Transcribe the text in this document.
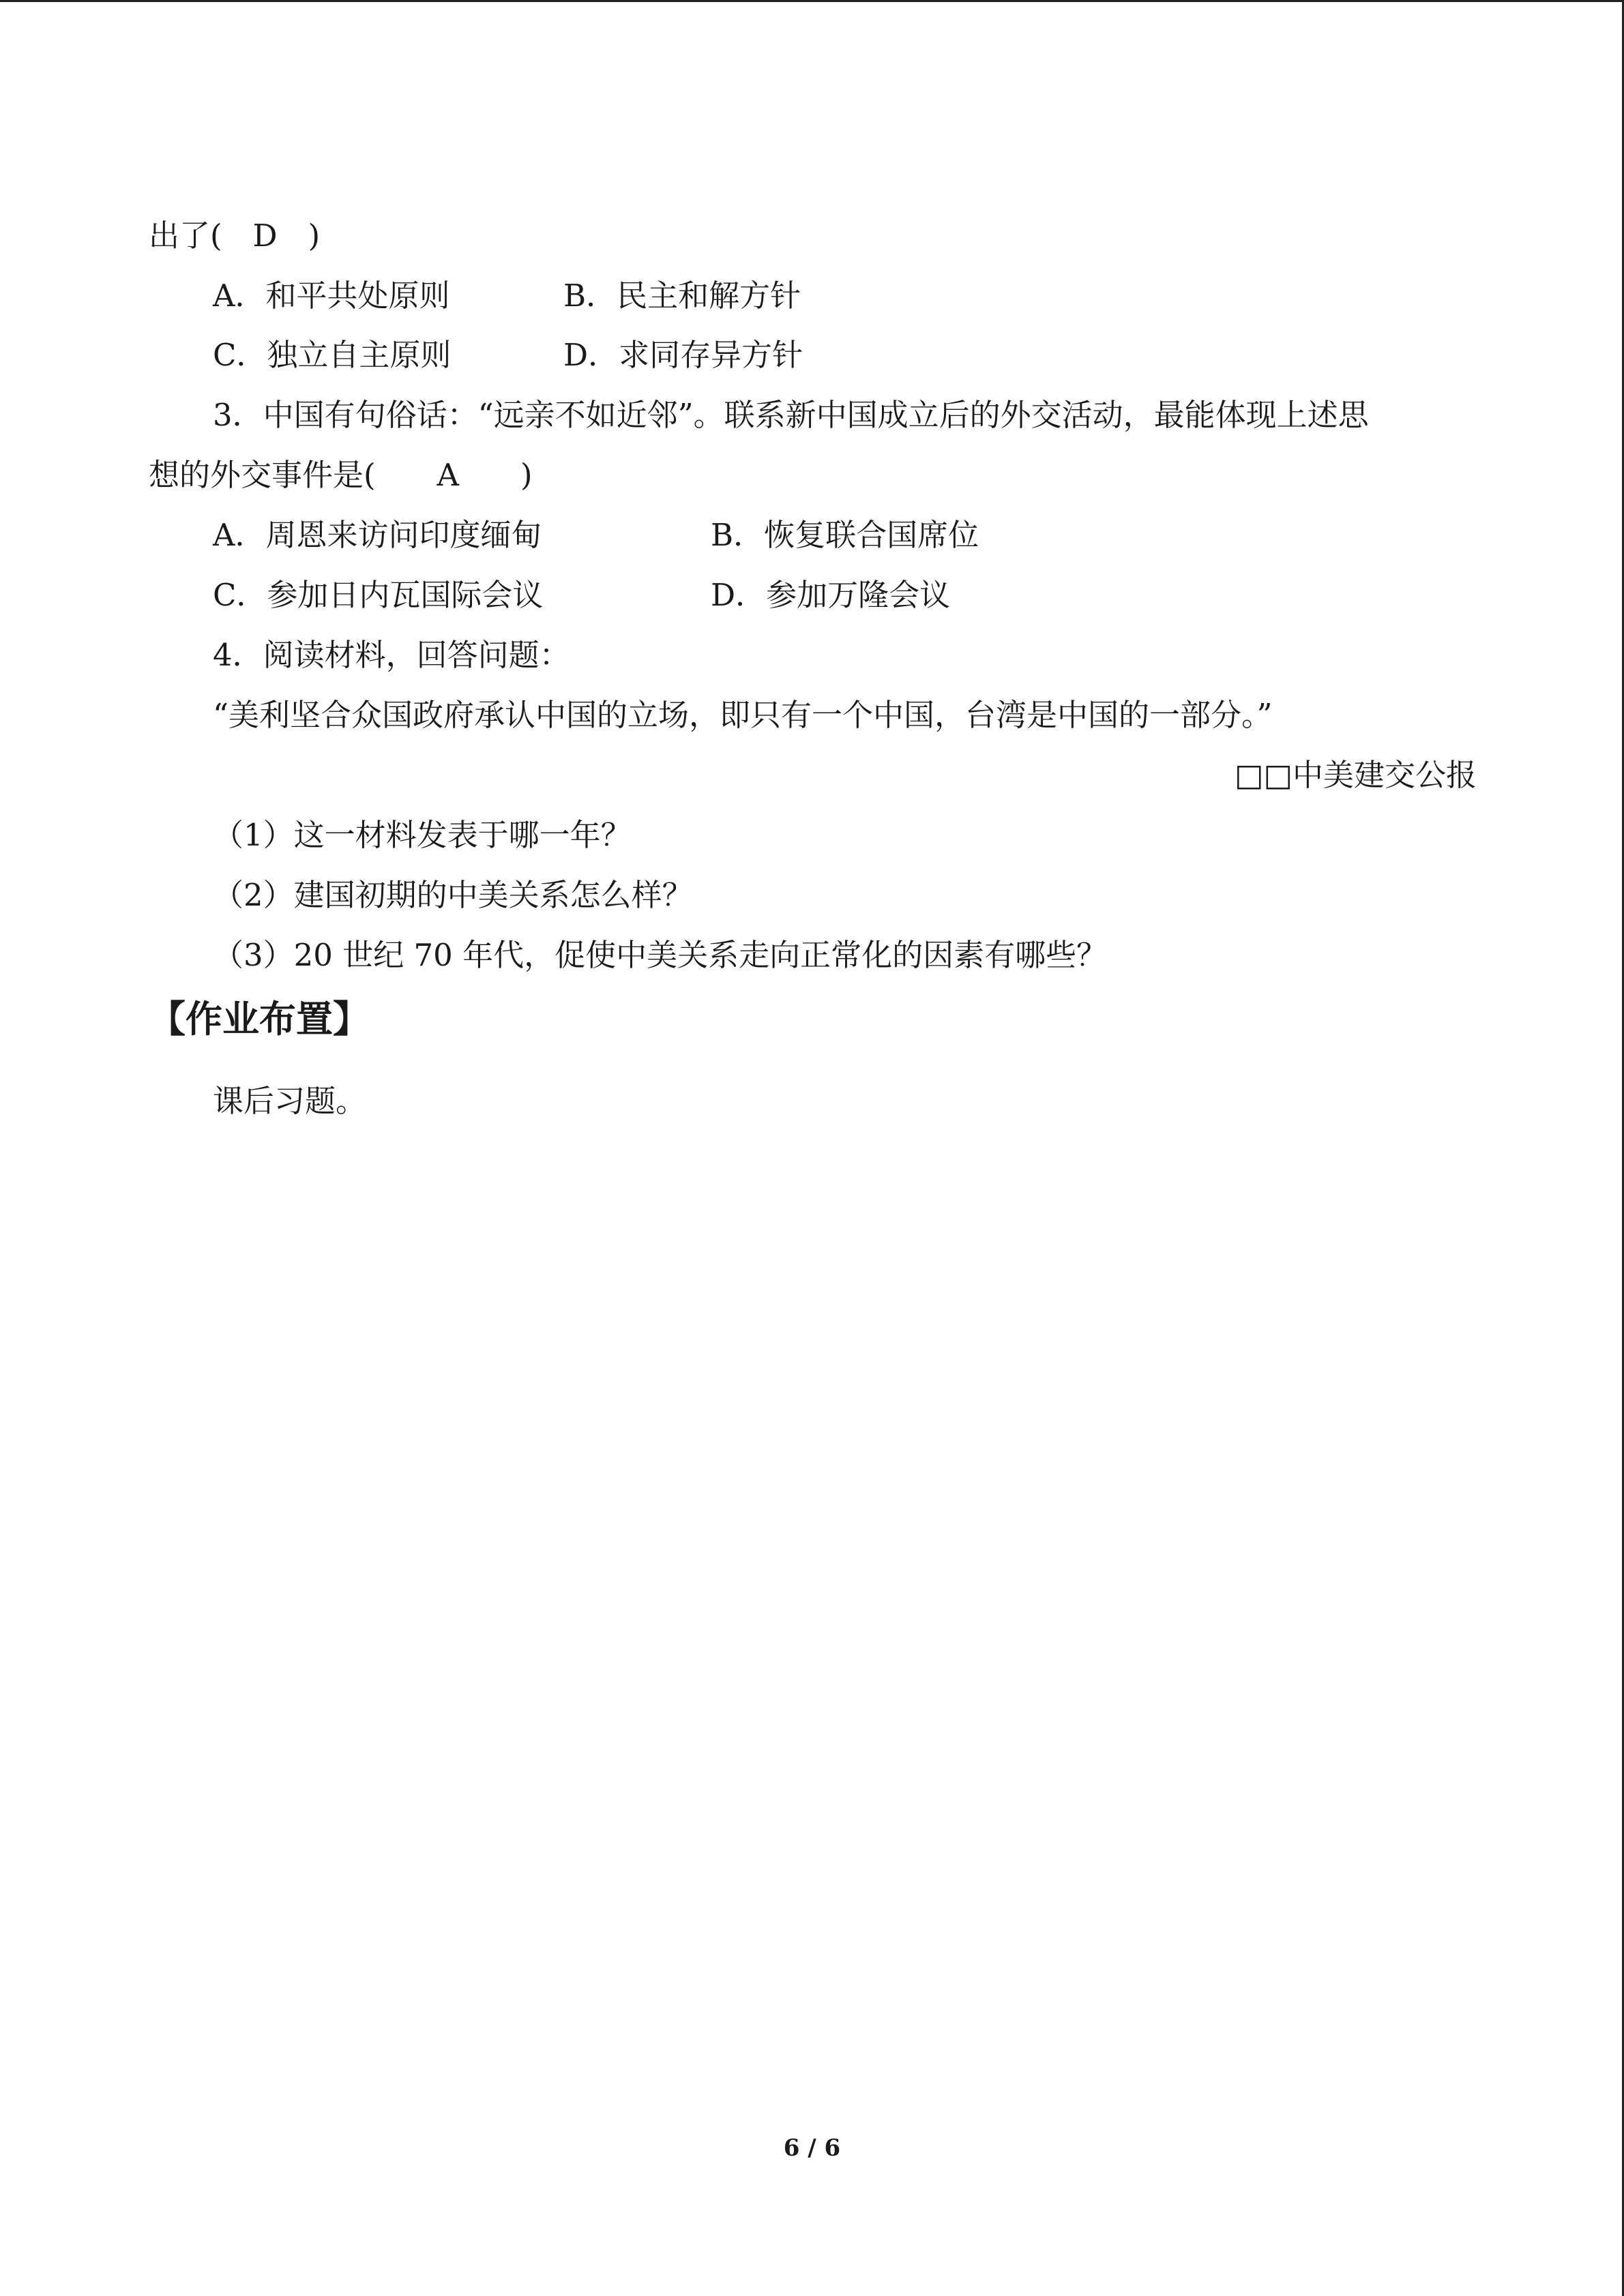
出了(　D　)
A．和平共处原则	B．民主和解方针
C．独立自主原则	D．求同存异方针
3．中国有句俗话：“远亲不如近邻”。联系新中国成立后的外交活动，最能体现上述思
想的外交事件是(　　A　　)
A．周恩来访问印度缅甸	B．恢复联合国席位
C．参加日内瓦国际会议	D．参加万隆会议
4．阅读材料，回答问题：
“美利坚合众国政府承认中国的立场，即只有一个中国，台湾是中国的一部分。”
□□中美建交公报
（1）这一材料发表于哪一年？
（2）建国初期的中美关系怎么样？
（3）20 世纪 70 年代，促使中美关系走向正常化的因素有哪些？
【作业布置】
课后习题。
6 / 6
